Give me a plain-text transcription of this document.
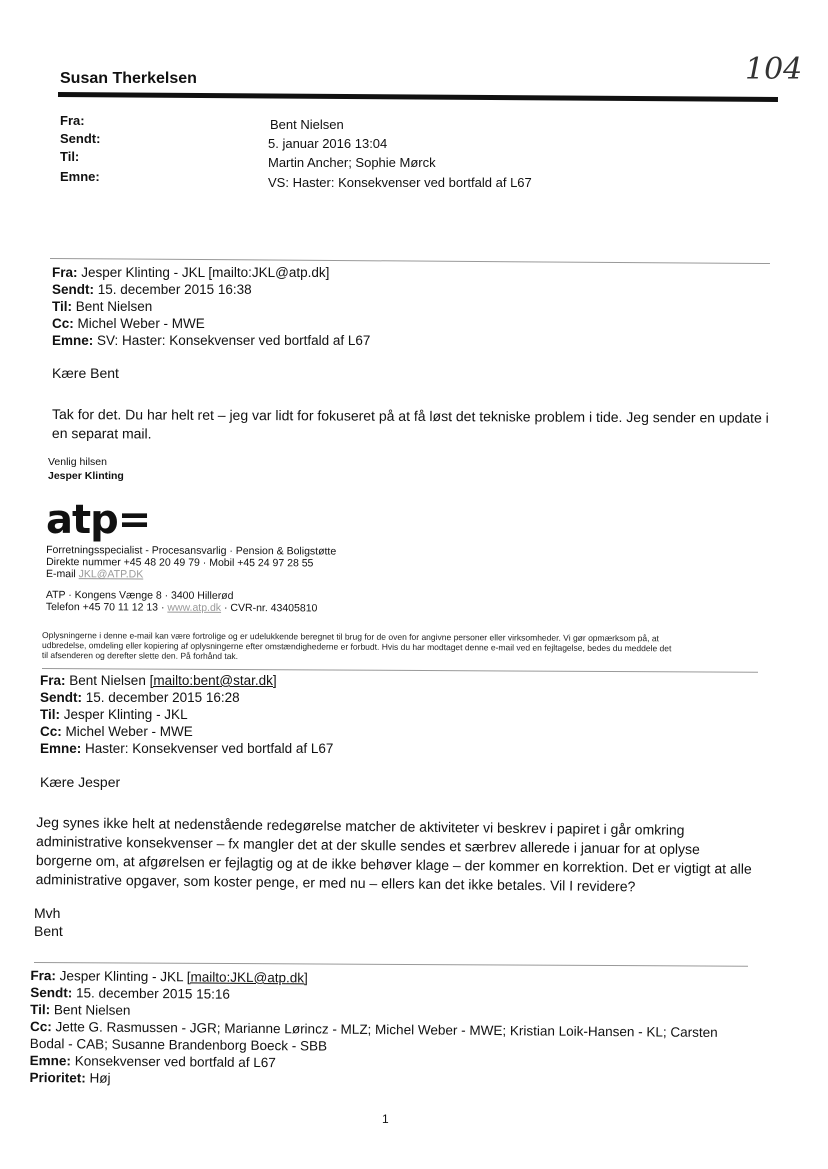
Susan Therkelsen	104
Fra:
Sendt:
Til:
Emne:
Bent Nielsen
5. januar 2016 13:04
Martin Ancher; Sophie Mørck
VS: Haster: Konsekvenser ved bortfald af L67
Fra: Jesper Klinting - JKL [mailto:JKL@atp.dk]
Sendt: 15. december 2015 16:38
Til: Bent Nielsen
Cc: Michel Weber - MWE
Emne: SV: Haster: Konsekvenser ved bortfald af L67
Kære Bent
Tak for det. Du har helt ret – jeg var lidt for fokuseret på at få løst det tekniske problem i tide. Jeg sender en update i
en separat mail.
Venlig hilsen
Jesper Klinting
atp=
Forretningsspecialist - Procesansvarlig · Pension & Boligstøtte
Direkte nummer +45 48 20 49 79 · Mobil +45 24 97 28 55
E-mail JKL@ATP.DK
ATP · Kongens Vænge 8 · 3400 Hillerød
Telefon +45 70 11 12 13 · www.atp.dk · CVR-nr. 43405810
Oplysningerne i denne e-mail kan være fortrolige og er udelukkende beregnet til brug for de oven for angivne personer eller virksomheder. Vi gør opmærksom på, at
udbredelse, omdeling eller kopiering af oplysningerne efter omstændighederne er forbudt. Hvis du har modtaget denne e-mail ved en fejltagelse, bedes du meddele det
til afsenderen og derefter slette den. På forhånd tak.
Fra: Bent Nielsen [mailto:bent@star.dk]
Sendt: 15. december 2015 16:28
Til: Jesper Klinting - JKL
Cc: Michel Weber - MWE
Emne: Haster: Konsekvenser ved bortfald af L67
Kære Jesper
Jeg synes ikke helt at nedenstående redegørelse matcher de aktiviteter vi beskrev i papiret i går omkring
administrative konsekvenser – fx mangler det at der skulle sendes et særbrev allerede i januar for at oplyse
borgerne om, at afgørelsen er fejlagtig og at de ikke behøver klage – der kommer en korrektion. Det er vigtigt at alle
administrative opgaver, som koster penge, er med nu – ellers kan det ikke betales. Vil I revidere?
Mvh
Bent
Fra: Jesper Klinting - JKL [mailto:JKL@atp.dk]
Sendt: 15. december 2015 15:16
Til: Bent Nielsen
Cc: Jette G. Rasmussen - JGR; Marianne Lørincz - MLZ; Michel Weber - MWE; Kristian Loik-Hansen - KL; Carsten
Bodal - CAB; Susanne Brandenborg Boeck - SBB
Emne: Konsekvenser ved bortfald af L67
Prioritet: Høj
1
